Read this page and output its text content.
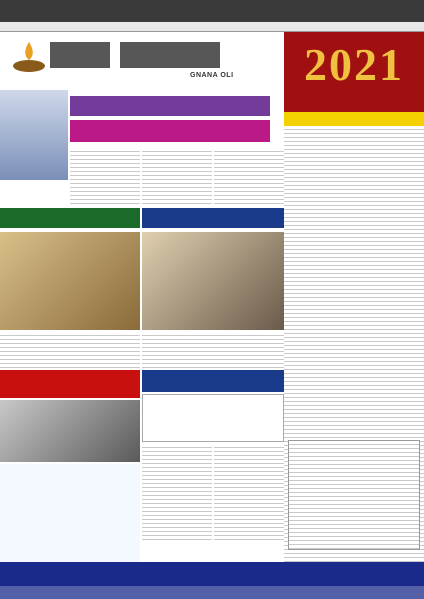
GNANA OLI	2021
